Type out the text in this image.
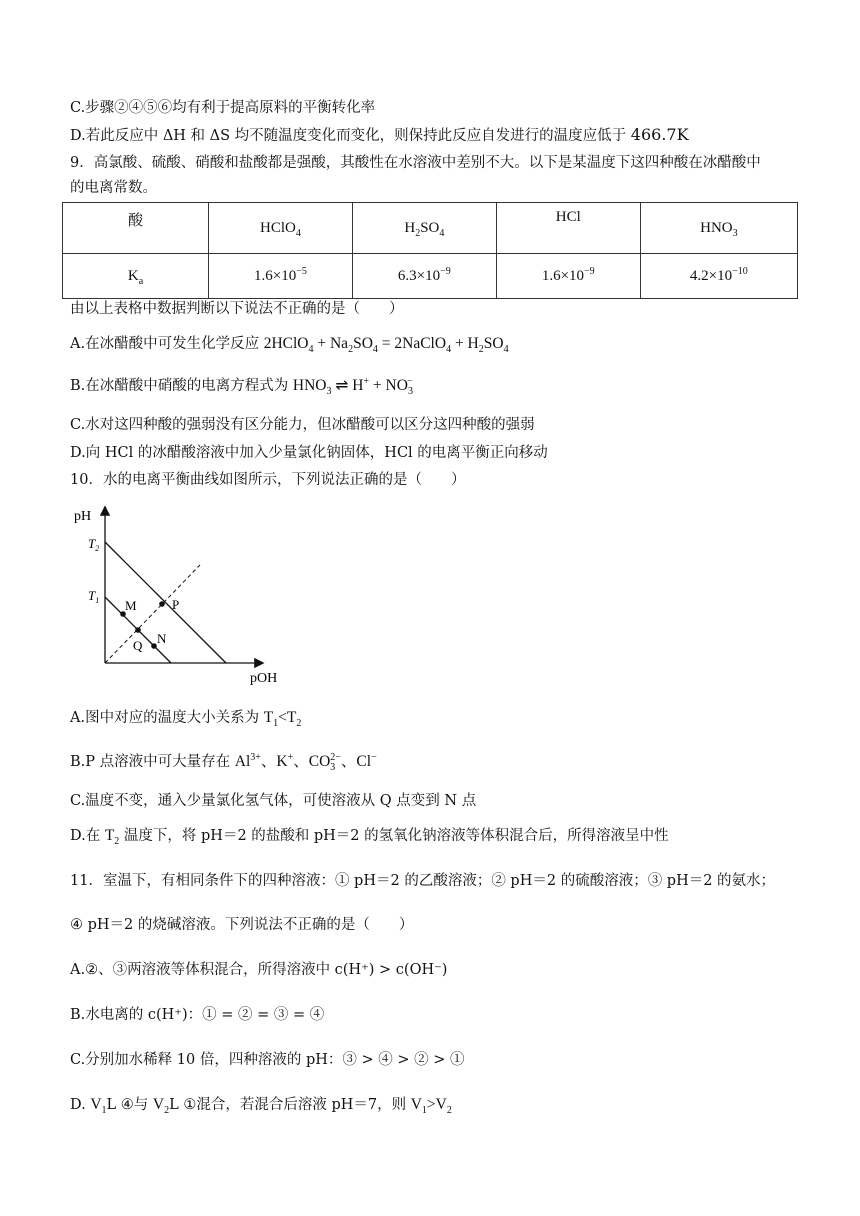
C.步骤②④⑤⑥均有利于提高原料的平衡转化率
D.若此反应中 ΔH 和 ΔS 均不随温度变化而变化，则保持此反应自发进行的温度应低于 466.7K
9．高氯酸、硫酸、硝酸和盐酸都是强酸，其酸性在水溶液中差别不大。以下是某温度下这四种酸在冰醋酸中
的电离常数。
酸	HClO$_4$	$H_2SO_4$	HCl	$HNO_3$
$K_a$	$1.6\times 10^{-5}$	$6.3\times 10^{-9}$	$1.6\times 10^{-9}$	$4.2\times 10^{-10}$
由以上表格中数据判断以下说法不正确的是（　　）
A.在冰醋酸中可发生化学反应 2HClO$_4$ + $Na_2SO_4$ = 2NaClO$_4$ + $H_2SO_4$
B.在冰醋酸中硝酸的电离方程式为 $HNO_3$ ⇌ $H^+ + NO_3^-$
C.水对这四种酸的强弱没有区分能力，但冰醋酸可以区分这四种酸的强弱
D.向 HCl 的冰醋酸溶液中加入少量氯化钠固体，HCl 的电离平衡正向移动
10．水的电离平衡曲线如图所示，下列说法正确的是（　　）
pH
pOH
$T_2$
$T_1$ M	P
Q N
A.图中对应的温度大小关系为 $T_1<T_2$
B.P 点溶液中可大量存在 $Al^{3+}$、K+、$CO_3^{2-}$、Cl−
C.温度不变，通入少量氯化氢气体，可使溶液从 Q 点变到 N 点
D.在 $T_2$ 温度下，将 pH＝2 的盐酸和 pH＝2 的氢氧化钠溶液等体积混合后，所得溶液呈中性
11．室温下，有相同条件下的四种溶液：① pH＝2 的乙酸溶液；② pH＝2 的硫酸溶液；③ pH＝2 的氨水；
④ pH＝2 的烧碱溶液。下列说法不正确的是（　　）
A.②、③两溶液等体积混合，所得溶液中 c(H⁺) > c(OH⁻)
B.水电离的 c(H⁺)：① = ② = ③ = ④
C.分别加水稀释 10 倍，四种溶液的 pH：③ > ④ > ② > ①
D. $V_1L$ ④与 $V_2L$ ①混合，若混合后溶液 pH＝7，则 $V_1>V_2$
